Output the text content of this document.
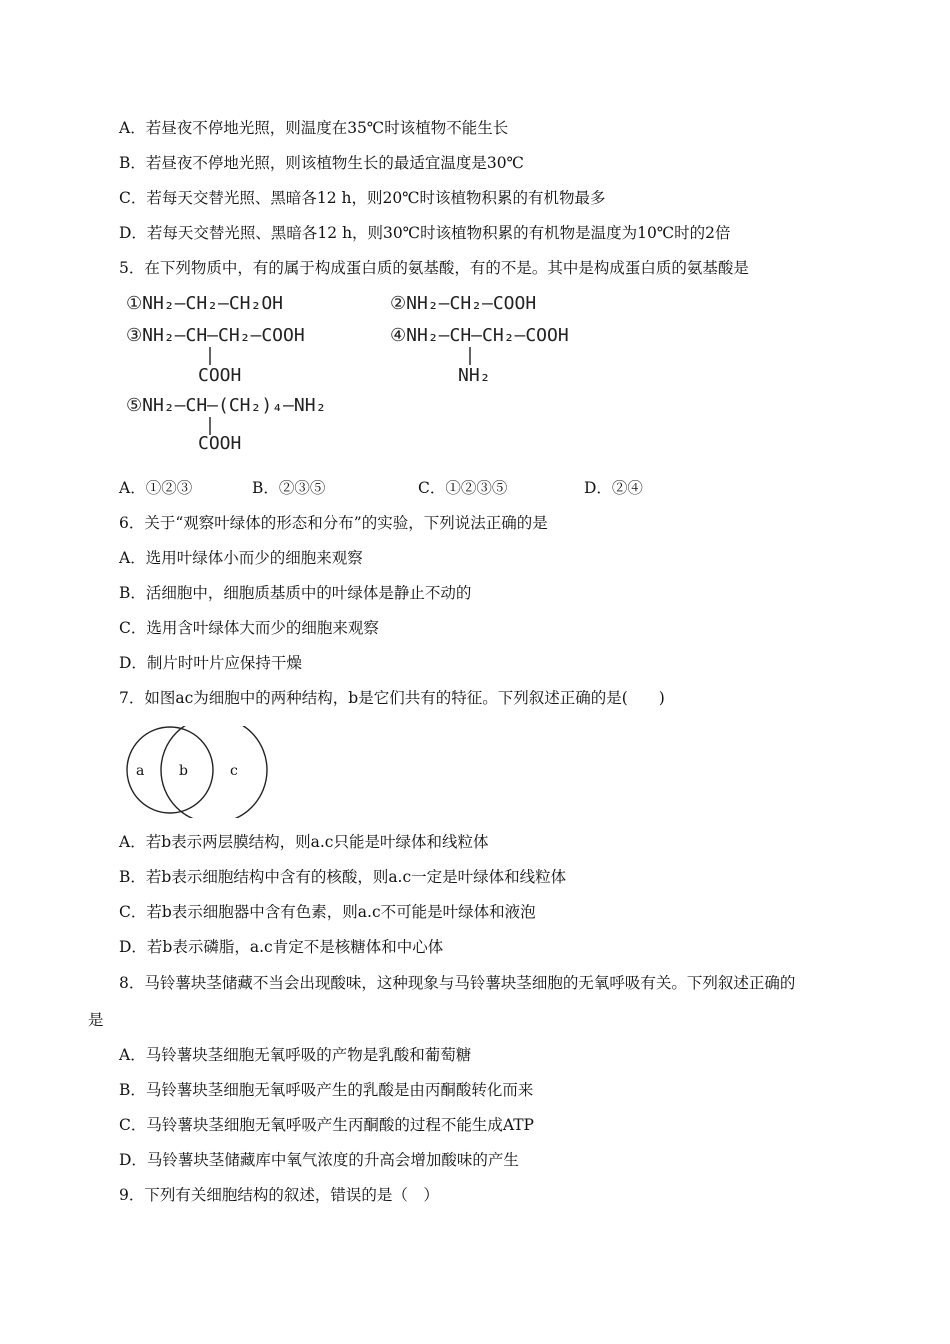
A．若昼夜不停地光照，则温度在35℃时该植物不能生长
B．若昼夜不停地光照，则该植物生长的最适宜温度是30℃
C．若每天交替光照、黑暗各12 h，则20℃时该植物积累的有机物最多
D．若每天交替光照、黑暗各12 h，则30℃时该植物积累的有机物是温度为10℃时的2倍
5．在下列物质中，有的属于构成蛋白质的氨基酸，有的不是。其中是构成蛋白质的氨基酸是
①NH₂—CH₂—CH₂OH	②NH₂—CH₂—COOH
③NH₂—CH—CH₂—COOH
COOH
④NH₂—CH—CH₂—COOH
NH₂
⑤NH₂—CH—(CH₂)₄—NH₂
COOH
A．①②③	B．②③⑤	C．①②③⑤	D．②④
6．关于“观察叶绿体的形态和分布”的实验，下列说法正确的是
A．选用叶绿体小而少的细胞来观察
B．活细胞中，细胞质基质中的叶绿体是静止不动的
C．选用含叶绿体大而少的细胞来观察
D．制片时叶片应保持干燥
7．如图ac为细胞中的两种结构，b是它们共有的特征。下列叙述正确的是(　　)
a b	c
A．若b表示两层膜结构，则a.c只能是叶绿体和线粒体
B．若b表示细胞结构中含有的核酸，则a.c一定是叶绿体和线粒体
C．若b表示细胞器中含有色素，则a.c不可能是叶绿体和液泡
D．若b表示磷脂，a.c肯定不是核糖体和中心体
8．马铃薯块茎储藏不当会出现酸味，这种现象与马铃薯块茎细胞的无氧呼吸有关。下列叙述正确的
是
A．马铃薯块茎细胞无氧呼吸的产物是乳酸和葡萄糖
B．马铃薯块茎细胞无氧呼吸产生的乳酸是由丙酮酸转化而来
C．马铃薯块茎细胞无氧呼吸产生丙酮酸的过程不能生成ATP
D．马铃薯块茎储藏库中氧气浓度的升高会增加酸味的产生
9．下列有关细胞结构的叙述，错误的是（　）
